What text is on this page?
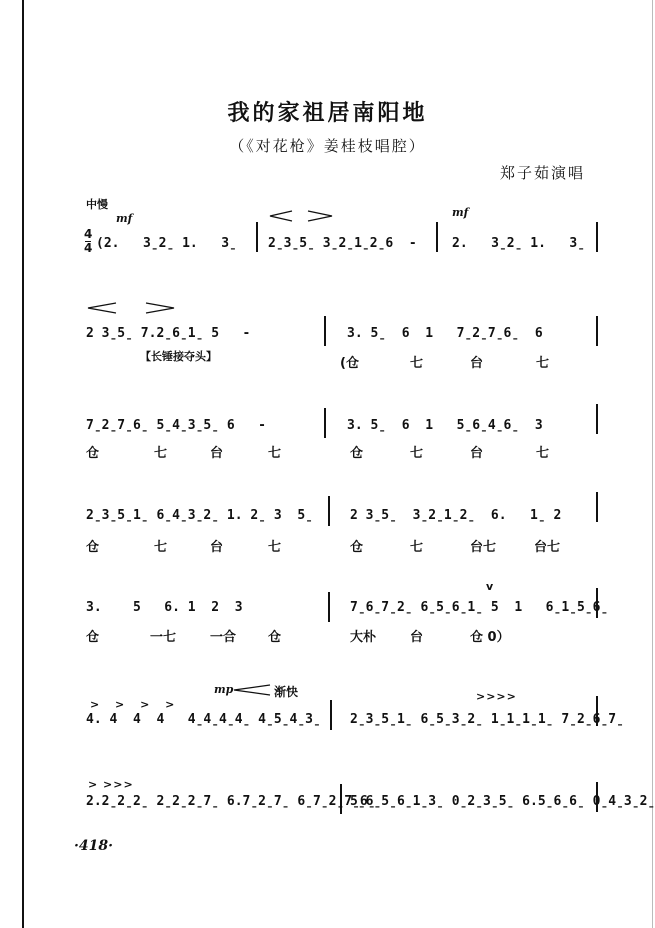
我的家祖居南阳地
（《对花枪》姜桂枝唱腔）
郑子茹演唱
中慢
mf	mf
4
4
mp	渐快
> > > >
>>>>
> >>>
v
(2.   3̱2̱ 1.   3̱ 2̱3̱5̱ 3̱2̱1̱2̱6  -	2.   3̱2̱ 1.   3̱
2 3̱5̱ 7.2̱6̱1̱ 5   -	3. 5̱  6  1   7̱2̱7̱6̱  6
【长锤接夺头】	(仓	七	台	七
7̱2̱7̱6̱ 5̱4̱3̱5̱ 6   -	3. 5̱  6  1   5̱6̱4̱6̱  3
仓	七	台	七	仓	七	台	七
2̱3̱5̱1̱ 6̱4̱3̱2̱ 1. 2̱ 3  5̱	2 3̱5̱  3̱2̱1̱2̱  6.   1̱ 2
仓	七	台	七	仓	七	台七	台七
3.    5   6. 1  2  3	7̱6̱7̱2̱ 6̱5̱6̱1̱ 5  1   6̱1̱5̱6̱
仓	一七	一合 仓	大朴	台	仓 0）
4. 4  4  4   4̱4̱4̱4̱ 4̱5̱4̱3̱ 2̱3̱5̱1̱ 6̱5̱3̱2̱ 1̱1̱1̱1̱ 7̱2̱6̱7̱
2.2̱2̱2̱ 2̱2̱2̱7̱ 6.7̱2̱7̱ 6̱7̱2̱7̱6̱
5̱6̱5̱6̱1̱3̱ 0̱2̱3̱5̱ 6.5̱6̱6̱ 0̱4̱3̱2̱
·418·
